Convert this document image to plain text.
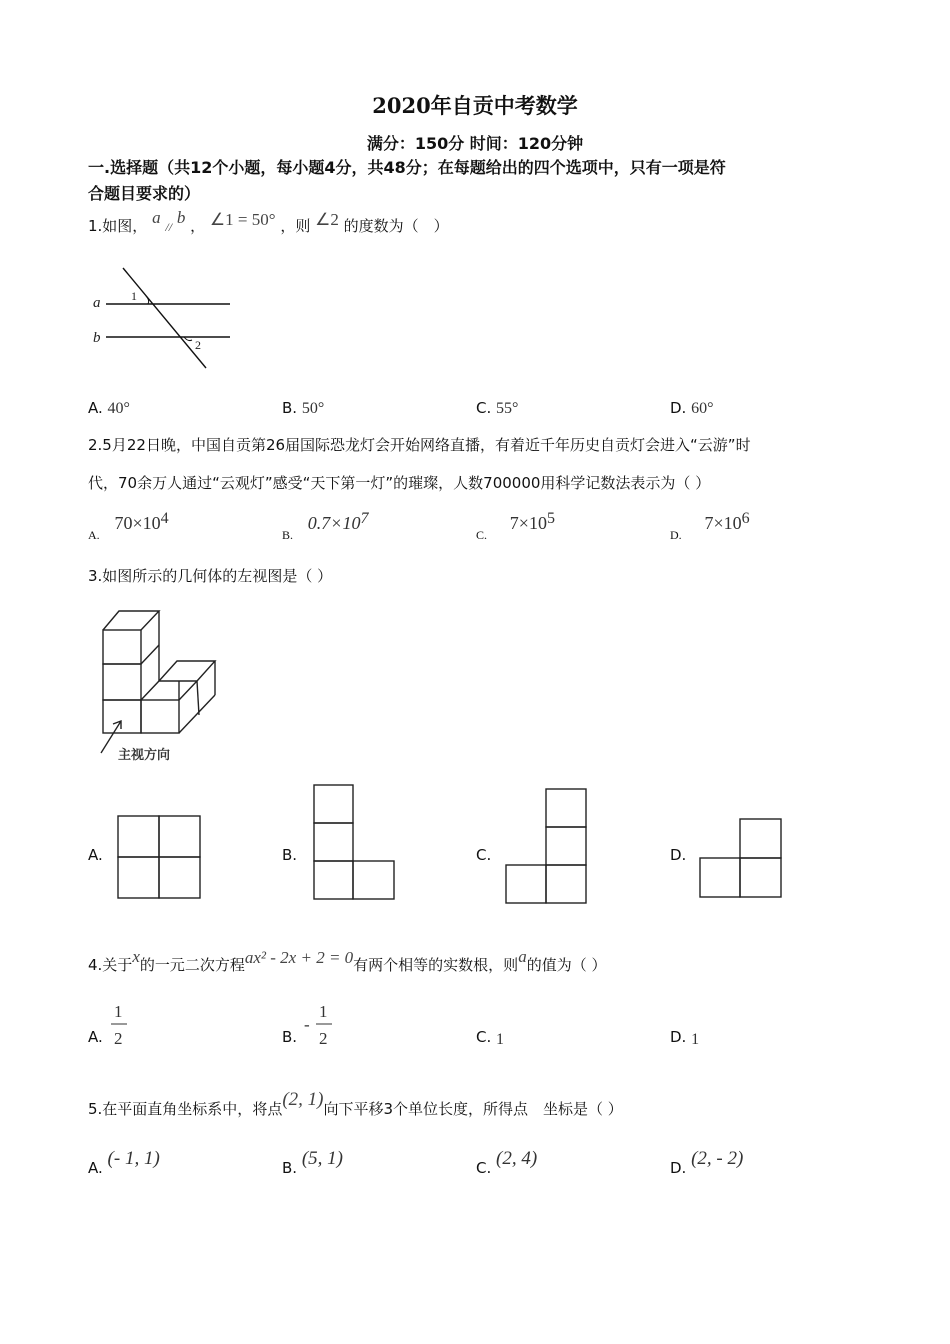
2020年自贡中考数学
满分：150分 时间：120分钟
一.选择题（共12个小题，每小题4分，共48分；在每题给出的四个选项中，只有一项是符
合题目要求的）
1.如图， a // b ， ∠1 = 50° ，则 ∠2 的度数为（　）
a
b
1
2
A. 40°	B. 50°	C. 55°	D. 60°
2.5月22日晚，中国自贡第26届国际恐龙灯会开始网络直播，有着近千年历史自贡灯会进入“云游”时
代，70余万人通过“云观灯”感受“天下第一灯”的璀璨，人数700000用科学记数法表示为（ ）
$_{A.}$ $70\times 10^4$
$_{B.}$ $0.7\times 10^7$
$_{C.}$ $7\times 10^5$
$_{D.}$ $7\times 10^6$
3.如图所示的几何体的左视图是（ ）
主视方向
A.	B.	C.	D.
4.关于x的一元二次方程ax² - 2x + 2 = 0有两个相等的实数根，则a的值为（ ）
A.
1
2	B.
-
1
2	C. 1	D. 1
5.在平面直角坐标系中，将点(2, 1)向下平移3个单位长度，所得点　坐标是（ ）
A. (- 1, 1)	B. (5, 1)	C. (2, 4)	D. (2, - 2)
